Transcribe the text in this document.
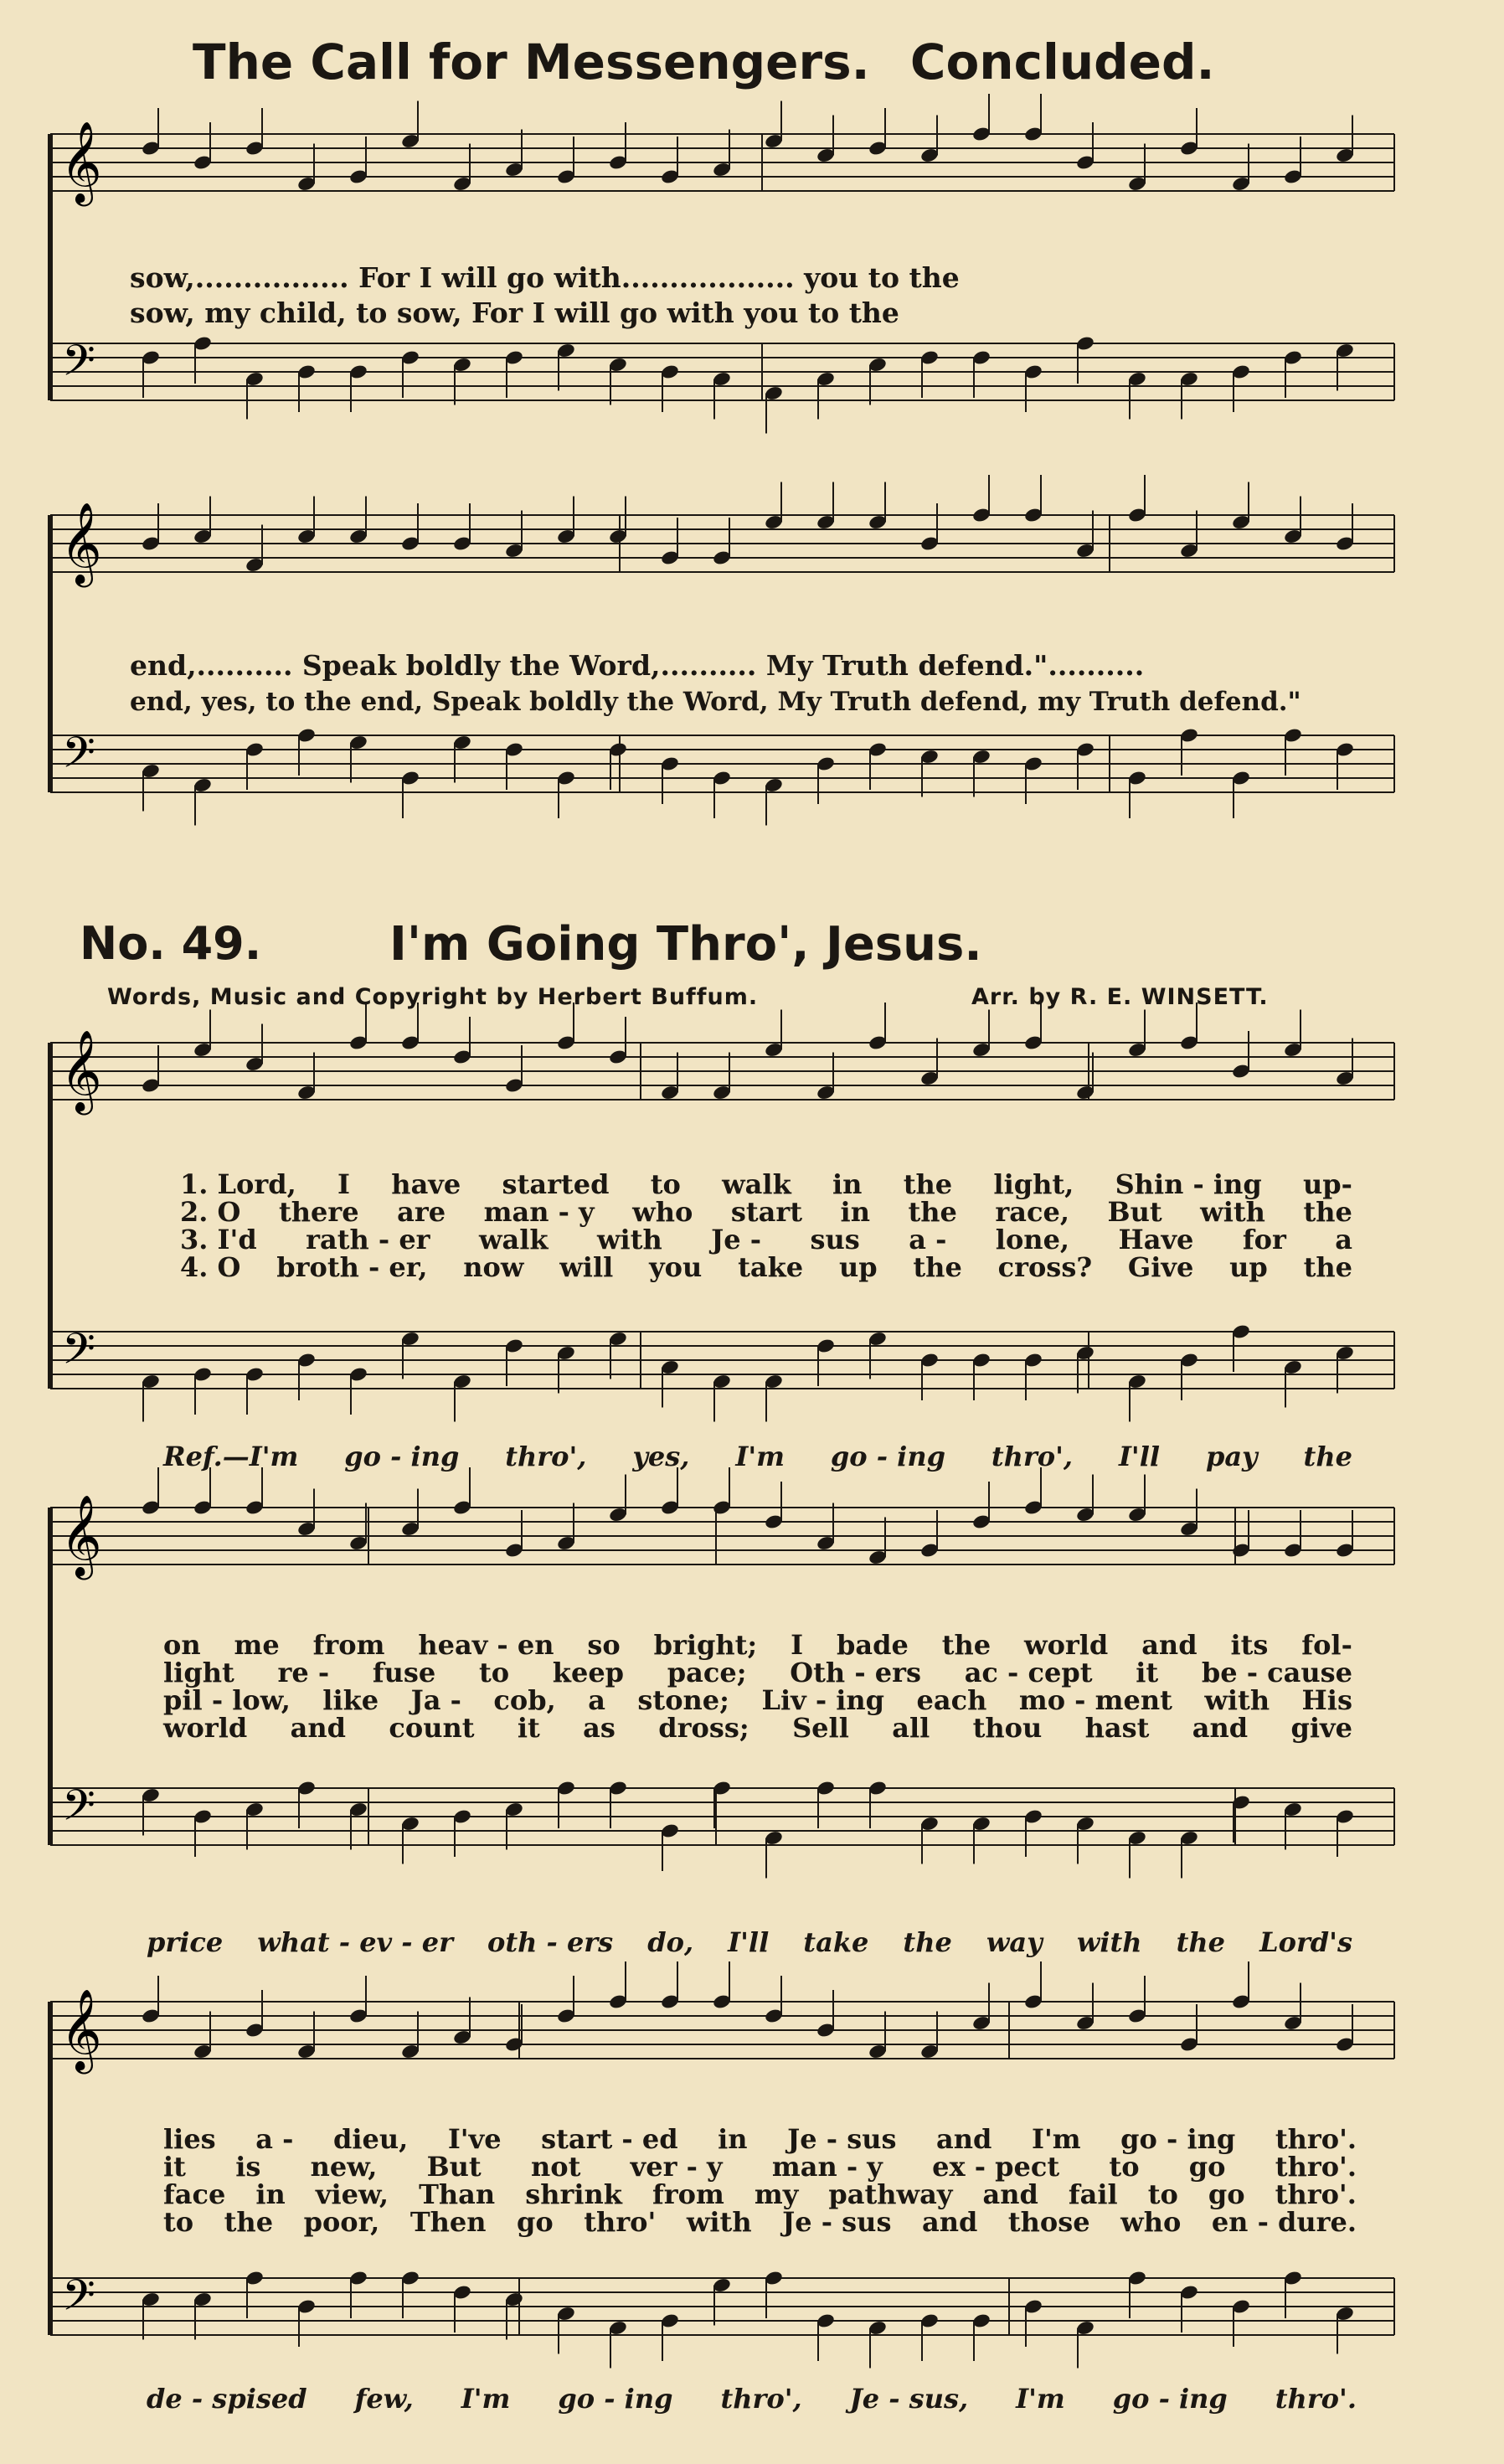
𝄞
𝄢
𝄞
𝄢
𝄞
𝄢
𝄞
𝄢
𝄞
𝄢
The Call for Messengers. Concluded.
sow,................ For I will go with.................. you to the
sow, my child, to sow, For I will go with you to the
end,.......... Speak boldly the Word,.......... My Truth defend."..........
end, yes, to the end, Speak boldly the Word, My Truth defend, my Truth defend."
No. 49.	I'm Going Thro', Jesus.
Words, Music and Copyright by Herbert Buffum.	Arr. by R. E. WINSETT.
1. Lord, I have started to walk in the light, Shin - ing up-
2. O there are man - y who start in the race, But with the
3. I'd rath - er walk with Je - sus a - lone, Have for a
4. O broth - er, now will you take up the cross? Give up the
Ref.—I'm go - ing thro', yes, I'm go - ing thro', I'll pay the
on me from heav - en so bright; I bade the world and its fol-
light re - fuse to keep pace; Oth - ers ac - cept it be - cause
pil - low, like Ja - cob, a stone; Liv - ing each mo - ment with His
world and count it as dross; Sell all thou hast and give
price what - ev - er oth - ers do, I'll take the way with the Lord's
lies a - dieu, I've start - ed in Je - sus and I'm go - ing thro'.
it is new, But not ver - y man - y ex - pect to go thro'.
face in view, Than shrink from my pathway and fail to go thro'.
to the poor, Then go thro' with Je - sus and those who en - dure.
de - spised few, I'm go - ing thro', Je - sus, I'm go - ing thro'.
